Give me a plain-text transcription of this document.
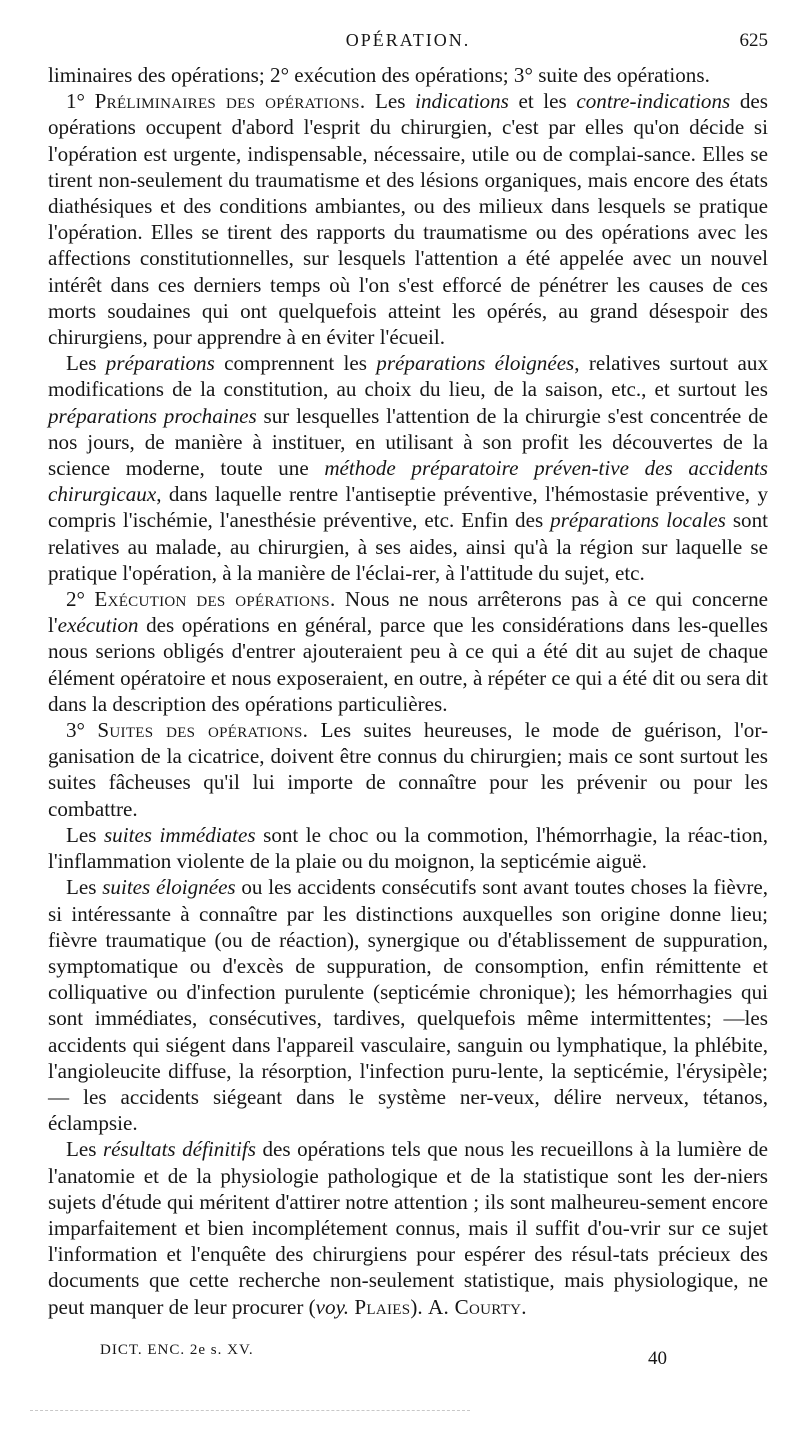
OPÉRATION.	625

liminaires des opérations; 2° exécution des opérations; 3° suite des opérations.

1° Préliminaires des opérations. Les indications et les contre-indications des opérations occupent d'abord l'esprit du chirurgien, c'est par elles qu'on décide si l'opération est urgente, indispensable, nécessaire, utile ou de complai-sance. Elles se tirent non-seulement du traumatisme et des lésions organiques, mais encore des états diathésiques et des conditions ambiantes, ou des milieux dans lesquels se pratique l'opération. Elles se tirent des rapports du traumatisme ou des opérations avec les affections constitutionnelles, sur lesquels l'attention a été appelée avec un nouvel intérêt dans ces derniers temps où l'on s'est efforcé de pénétrer les causes de ces morts soudaines qui ont quelquefois atteint les opérés, au grand désespoir des chirurgiens, pour apprendre à en éviter l'écueil.

Les préparations comprennent les préparations éloignées, relatives surtout aux modifications de la constitution, au choix du lieu, de la saison, etc., et surtout les préparations prochaines sur lesquelles l'attention de la chirurgie s'est concentrée de nos jours, de manière à instituer, en utilisant à son profit les découvertes de la science moderne, toute une méthode préparatoire préven-tive des accidents chirurgicaux, dans laquelle rentre l'antiseptie préventive, l'hémostasie préventive, y compris l'ischémie, l'anesthésie préventive, etc. Enfin des préparations locales sont relatives au malade, au chirurgien, à ses aides, ainsi qu'à la région sur laquelle se pratique l'opération, à la manière de l'éclai-rer, à l'attitude du sujet, etc.

2° Exécution des opérations. Nous ne nous arrêterons pas à ce qui concerne l'exécution des opérations en général, parce que les considérations dans les-quelles nous serions obligés d'entrer ajouteraient peu à ce qui a été dit au sujet de chaque élément opératoire et nous exposeraient, en outre, à répéter ce qui a été dit ou sera dit dans la description des opérations particulières.

3° Suites des opérations. Les suites heureuses, le mode de guérison, l'or-ganisation de la cicatrice, doivent être connus du chirurgien; mais ce sont surtout les suites fâcheuses qu'il lui importe de connaître pour les prévenir ou pour les combattre.

Les suites immédiates sont le choc ou la commotion, l'hémorrhagie, la réac-tion, l'inflammation violente de la plaie ou du moignon, la septicémie aiguë.

Les suites éloignées ou les accidents consécutifs sont avant toutes choses la fièvre, si intéressante à connaître par les distinctions auxquelles son origine donne lieu; fièvre traumatique (ou de réaction), synergique ou d'établissement de suppuration, symptomatique ou d'excès de suppuration, de consomption, enfin rémittente et colliquative ou d'infection purulente (septicémie chronique); les hémorrhagies qui sont immédiates, consécutives, tardives, quelquefois même intermittentes; —les accidents qui siégent dans l'appareil vasculaire, sanguin ou lymphatique, la phlébite, l'angioleucite diffuse, la résorption, l'infection puru-lente, la septicémie, l'érysipèle; — les accidents siégeant dans le système ner-veux, délire nerveux, tétanos, éclampsie.

Les résultats définitifs des opérations tels que nous les recueillons à la lumière de l'anatomie et de la physiologie pathologique et de la statistique sont les der-niers sujets d'étude qui méritent d'attirer notre attention ; ils sont malheureu-sement encore imparfaitement et bien incomplétement connus, mais il suffit d'ou-vrir sur ce sujet l'information et l'enquête des chirurgiens pour espérer des résul-tats précieux des documents que cette recherche non-seulement statistique, mais physiologique, ne peut manquer de leur procurer (voy. Plaies). A. Courty.

DICT. ENC. 2e s. XV.	40
